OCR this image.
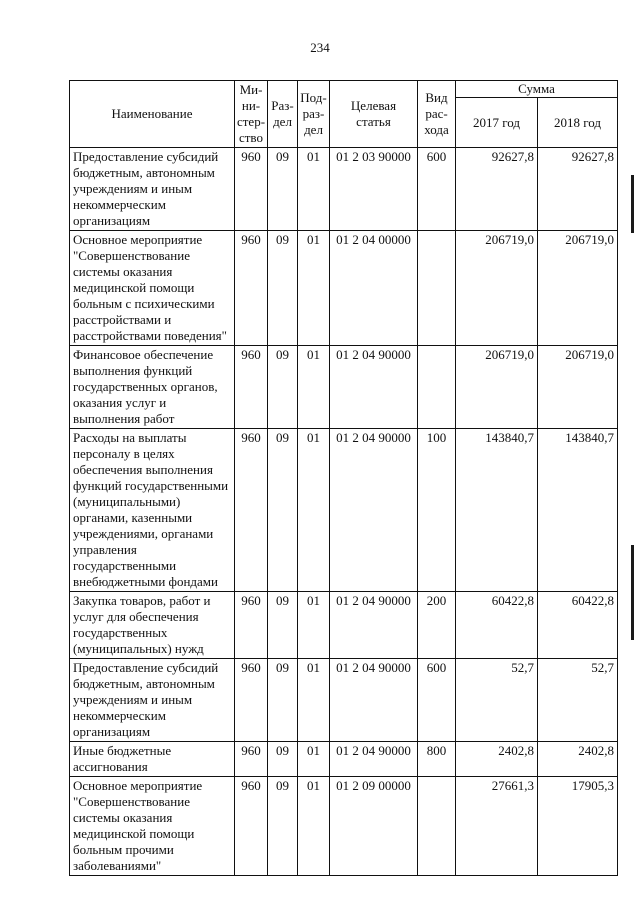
234
Наименование	Ми-
ни-
стер-
ство	Раз-
дел	Под-
раз-
дел	Целевая
статья	Вид
рас-
хода	Сумма	
						2017 год	2018 год
Предоставление субсидий бюджетным, автономным учреждениям и иным некоммерческим организациям	960	09	01	01 2 03 90000	600	92627,8	92627,8
Основное мероприятие "Совершенствование системы оказания медицинской помощи больным с психическими расстройствами и расстройствами поведения"	960	09	01	01 2 04 00000		206719,0	206719,0
Финансовое обеспечение выполнения функций государственных органов, оказания услуг и выполнения работ	960	09	01	01 2 04 90000		206719,0	206719,0
Расходы на выплаты персоналу в целях обеспечения выполнения функций государственными (муниципальными) органами, казенными учреждениями, органами управления государственными внебюджетными фондами	960	09	01	01 2 04 90000	100	143840,7	143840,7
Закупка товаров, работ и услуг для обеспечения государственных (муниципальных) нужд	960	09	01	01 2 04 90000	200	60422,8	60422,8
Предоставление субсидий бюджетным, автономным учреждениям и иным некоммерческим организациям	960	09	01	01 2 04 90000	600	52,7	52,7
Иные бюджетные ассигнования	960	09	01	01 2 04 90000	800	2402,8	2402,8
Основное мероприятие "Совершенствование системы оказания медицинской помощи больным прочими заболеваниями"	960	09	01	01 2 09 00000		27661,3	17905,3
